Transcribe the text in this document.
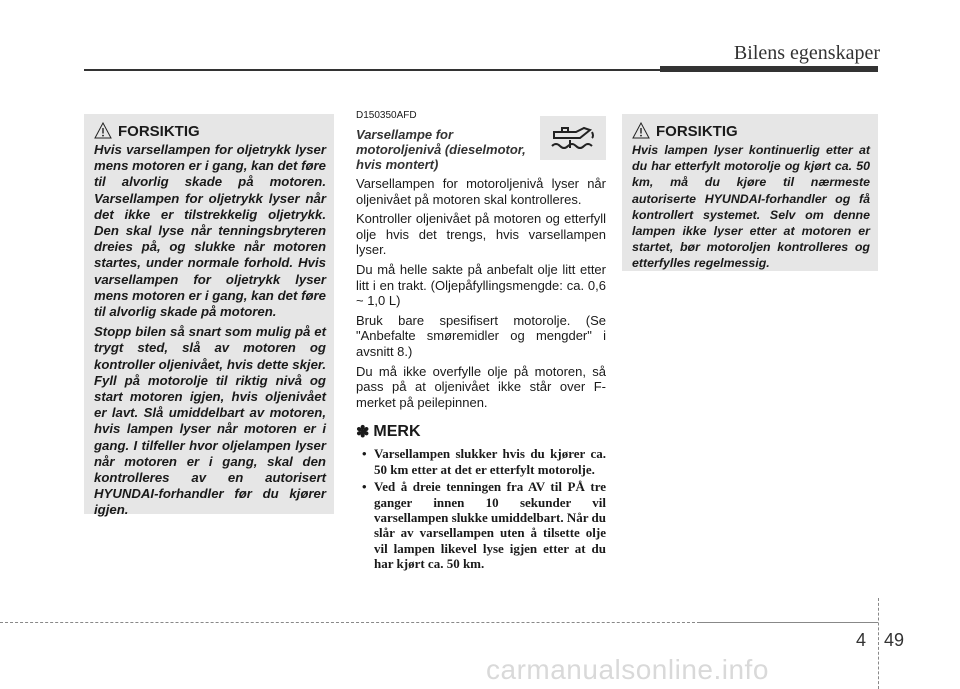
Bilens egenskaper
FORSIKTIG

Hvis varsellampen for oljetrykk lyser mens motoren er i gang, kan det føre til alvorlig skade på motoren. Varsellampen for oljetrykk lyser når det ikke er tilstrekkelig oljetrykk. Den skal lyse når tenningsbryteren dreies på, og slukke når motoren startes, under normale forhold. Hvis varsellampen for oljetrykk lyser mens motoren er i gang, kan det føre til alvorlig skade på motoren.

Stopp bilen så snart som mulig på et trygt sted, slå av motoren og kontroller oljenivået, hvis dette skjer. Fyll på motorolje til riktig nivå og start motoren igjen, hvis oljenivået er lavt. Slå umiddelbart av motoren, hvis lampen lyser når motoren er i gang. I tilfeller hvor oljelampen lyser når motoren er i gang, skal den kontrolleres av en autorisert HYUNDAI-forhandler før du kjører igjen.

D150350AFD
Varsellampe for motoroljenivå (dieselmotor, hvis montert)

Varsellampen for motoroljenivå lyser når oljenivået på motoren skal kontrolleres.

Kontroller oljenivået på motoren og etterfyll olje hvis det trengs, hvis varsellampen lyser.

Du må helle sakte på anbefalt olje litt etter litt i en trakt. (Oljepåfyllingsmengde: ca. 0,6 ~ 1,0 L)

Bruk bare spesifisert motorolje. (Se "Anbefalte smøremidler og mengder" i avsnitt 8.)

Du må ikke overfylle olje på motoren, så pass på at oljenivået ikke står over F-merket på peilepinnen.

✽ MERK
• Varsellampen slukker hvis du kjører ca. 50 km etter at det er etterfylt motorolje.
• Ved å dreie tenningen fra AV til PÅ tre ganger innen 10 sekunder vil varsellampen slukke umiddelbart. Når du slår av varsellampen uten å tilsette olje vil lampen likevel lyse igjen etter at du har kjørt ca. 50 km.
FORSIKTIG

Hvis lampen lyser kontinuerlig etter at du har etterfylt motorolje og kjørt ca. 50 km, må du kjøre til nærmeste autoriserte HYUNDAI-forhandler og få kontrollert systemet. Selv om denne lampen ikke lyser etter at motoren er startet, bør motoroljen kontrolleres og etterfylles regelmessig.

4 49
carmanualsonline.info
